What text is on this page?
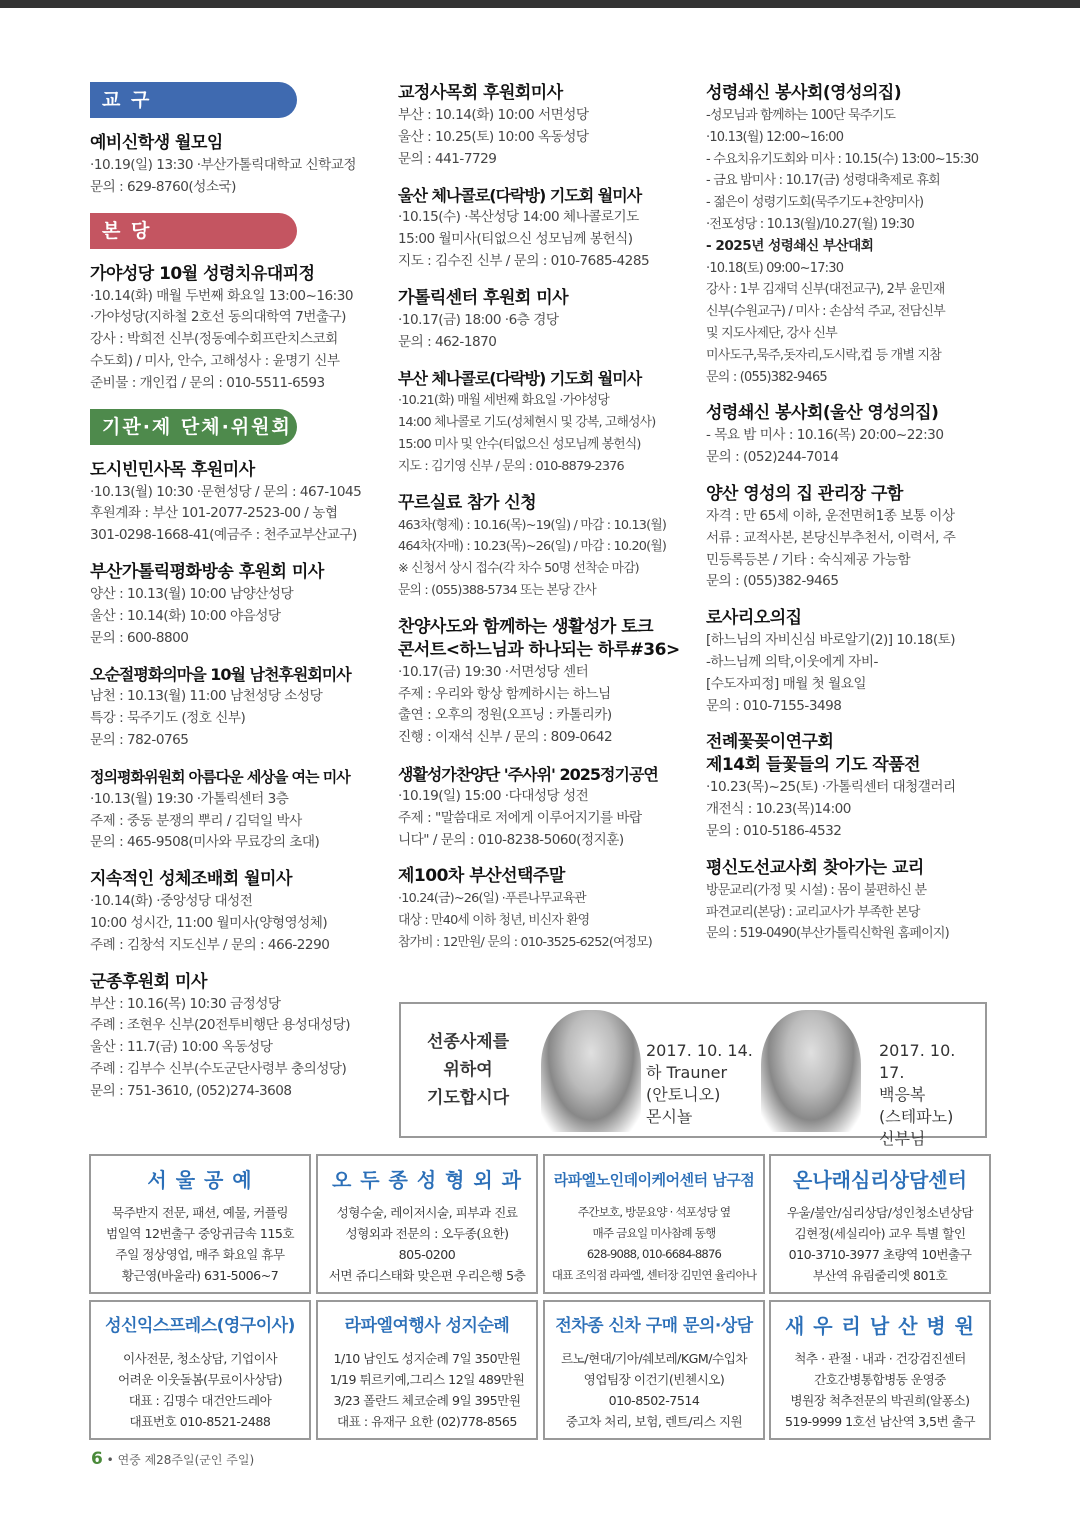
교 구
예비신학생 월모임
·10.19(일) 13:30 ·부산가톨릭대학교 신학교정
문의 : 629-8760(성소국)
본 당
가야성당 10월 성령치유대피정
·10.14(화) 매월 두번째 화요일 13:00~16:30
·가야성당(지하철 2호선 동의대학역 7번출구)
강사 : 박희전 신부(정동예수회프란치스코회
수도회) / 미사, 안수, 고해성사 : 윤명기 신부
준비물 : 개인컵 / 문의 : 010-5511-6593
기관·제 단체·위원회
도시빈민사목 후원미사
·10.13(월) 10:30 ·문현성당 / 문의 : 467-1045
후원계좌 : 부산 101-2077-2523-00 / 농협
301-0298-1668-41(예금주 : 천주교부산교구)
부산가톨릭평화방송 후원회 미사
양산 : 10.13(월) 10:00 남양산성당
울산 : 10.14(화) 10:00 야음성당
문의 : 600-8800
오순절평화의마을 10월 남천후원회미사
남천 : 10.13(월) 11:00 남천성당 소성당
특강 : 묵주기도 (정호 신부)
문의 : 782-0765
정의평화위원회 아름다운 세상을 여는 미사
·10.13(월) 19:30 ·가톨릭센터 3층
주제 : 중동 분쟁의 뿌리 / 김덕일 박사
문의 : 465-9508(미사와 무료강의 초대)
지속적인 성체조배회 월미사
·10.14(화) ·중앙성당 대성전
10:00 성시간, 11:00 월미사(양형영성체)
주례 : 김창석 지도신부 / 문의 : 466-2290
군종후원회 미사
부산 : 10.16(목) 10:30 금정성당
주례 : 조현우 신부(20전투비행단 용성대성당)
울산 : 11.7(금) 10:00 옥동성당
주례 : 김부수 신부(수도군단사령부 충의성당)
문의 : 751-3610, (052)274-3608
교정사목회 후원회미사
부산 : 10.14(화) 10:00 서면성당
울산 : 10.25(토) 10:00 옥동성당
문의 : 441-7729
울산 체나콜로(다락방) 기도회 월미사
·10.15(수) ·복산성당 14:00 체나콜로기도
15:00 월미사(티없으신 성모님께 봉헌식)
지도 : 김수진 신부 / 문의 : 010-7685-4285
가톨릭센터 후원회 미사
·10.17(금) 18:00 ·6층 경당
문의 : 462-1870
부산 체나콜로(다락방) 기도회 월미사
·10.21(화) 매월 세번째 화요일 ·가야성당
14:00 체나콜로 기도(성체현시 및 강복, 고해성사)
15:00 미사 및 안수(티없으신 성모님께 봉헌식)
지도 : 김기영 신부 / 문의 : 010-8879-2376
꾸르실료 참가 신청
463차(형제) : 10.16(목)~19(일) / 마감 : 10.13(월)
464차(자매) : 10.23(목)~26(일) / 마감 : 10.20(월)
※ 신청서 상시 접수(각 차수 50명 선착순 마감)
문의 : (055)388-5734 또는 본당 간사
찬양사도와 함께하는 생활성가 토크
콘서트<하느님과 하나되는 하루#36>
·10.17(금) 19:30 ·서면성당 센터
주제 : 우리와 항상 함께하시는 하느님
출연 : 오후의 정원(오프닝 : 카톨리카)
진행 : 이재석 신부 / 문의 : 809-0642
생활성가찬양단 '주사위' 2025정기공연
·10.19(일) 15:00 ·다대성당 성전
주제 : "말씀대로 저에게 이루어지기를 바랍
니다" / 문의 : 010-8238-5060(정지훈)
제100차 부산선택주말
·10.24(금)~26(일) ·푸른나무교육관
대상 : 만40세 이하 청년, 비신자 환영
참가비 : 12만원/ 문의 : 010-3525-6252(여정모)
성령쇄신 봉사회(영성의집)
-성모님과 함께하는 100단 묵주기도
·10.13(월) 12:00~16:00
- 수요치유기도회와 미사 : 10.15(수) 13:00~15:30
- 금요 밤미사 : 10.17(금) 성령대축제로 휴회
- 젊은이 성령기도회(묵주기도+찬양미사)
·전포성당 : 10.13(월)/10.27(월) 19:30
- 2025년 성령쇄신 부산대회
·10.18(토) 09:00~17:30
강사 : 1부 김재덕 신부(대전교구), 2부 윤민재
신부(수원교구) / 미사 : 손삼석 주교, 전담신부
및 지도사제단, 강사 신부
미사도구,묵주,돗자리,도시락,컵 등 개별 지참
문의 : (055)382-9465
성령쇄신 봉사회(울산 영성의집)
- 목요 밤 미사 : 10.16(목) 20:00~22:30
문의 : (052)244-7014
양산 영성의 집 관리장 구함
자격 : 만 65세 이하, 운전면허1종 보통 이상
서류 : 교적사본, 본당신부추천서, 이력서, 주
민등록등본 / 기타 : 숙식제공 가능함
문의 : (055)382-9465
로사리오의집
[하느님의 자비신심 바로알기(2)] 10.18(토)
-하느님께 의탁,이웃에게 자비-
[수도자피정] 매월 첫 월요일
문의 : 010-7155-3498
전례꽃꽂이연구회
제14회 들꽃들의 기도 작품전
·10.23(목)~25(토) ·가톨릭센터 대청갤러리
개전식 : 10.23(목)14:00
문의 : 010-5186-4532
평신도선교사회 찾아가는 교리
방문교리(가정 및 시설) : 몸이 불편하신 분
파견교리(본당) : 교리교사가 부족한 본당
문의 : 519-0490(부산가톨릭신학원 홈페이지)
선종사제를
위하여
기도합시다
2017. 10. 14.
하 Trauner
(안토니오)
몬시뇰
2017. 10. 17.
백응복
(스테파노)
신부님
서 울 공 예
묵주반지 전문, 패션, 예물, 커플링
범일역 12번출구 중앙귀금속 115호
주일 정상영업, 매주 화요일 휴무
황근영(바울라) 631-5006~7
오 두 종 성 형 외 과
성형수술, 레이저시술, 피부과 진료
성형외과 전문의 : 오두종(요한)
805-0200
서면 쥬디스태화 맞은편 우리은행 5층
라파엘노인데이케어센터 남구점
주간보호, 방문요양 · 석포성당 옆
매주 금요일 미사참례 동행
628-9088, 010-6684-8876
대표 조익점 라파엘, 센터장 김민연 율리아나
온나래심리상담센터
우울/불안/심리상담/성인청소년상담
김현정(세실리아) 교우 특별 할인
010-3710-3977 초량역 10번출구
부산역 유림줄리엣 801호
성신익스프레스(영구이사)
이사전문, 청소상담, 기업이사
어려운 이웃돌봄(무료이사상담)
대표 : 김명수 대건안드레아
대표번호 010-8521-2488
라파엘여행사 성지순례
1/10 남인도 성지순례 7일 350만원
1/19 튀르키예,그리스 12일 489만원
3/23 폴란드 체코순례 9일 395만원
대표 : 유재구 요한 (02)778-8565
전차종 신차 구매 문의·상담
르노/현대/기아/쉐보레/KGM/수입차
영업팀장 이건기(빈첸시오)
010-8502-7514
중고차 처리, 보험, 렌트/리스 지원
새 우 리 남 산 병 원
척추 · 관절 · 내과 · 건강검진센터
간호간병통합병동 운영중
병원장 척추전문의 박권희(알퐁소)
519-9999 1호선 남산역 3,5번 출구
6 • 연중 제28주일(군인 주일)
